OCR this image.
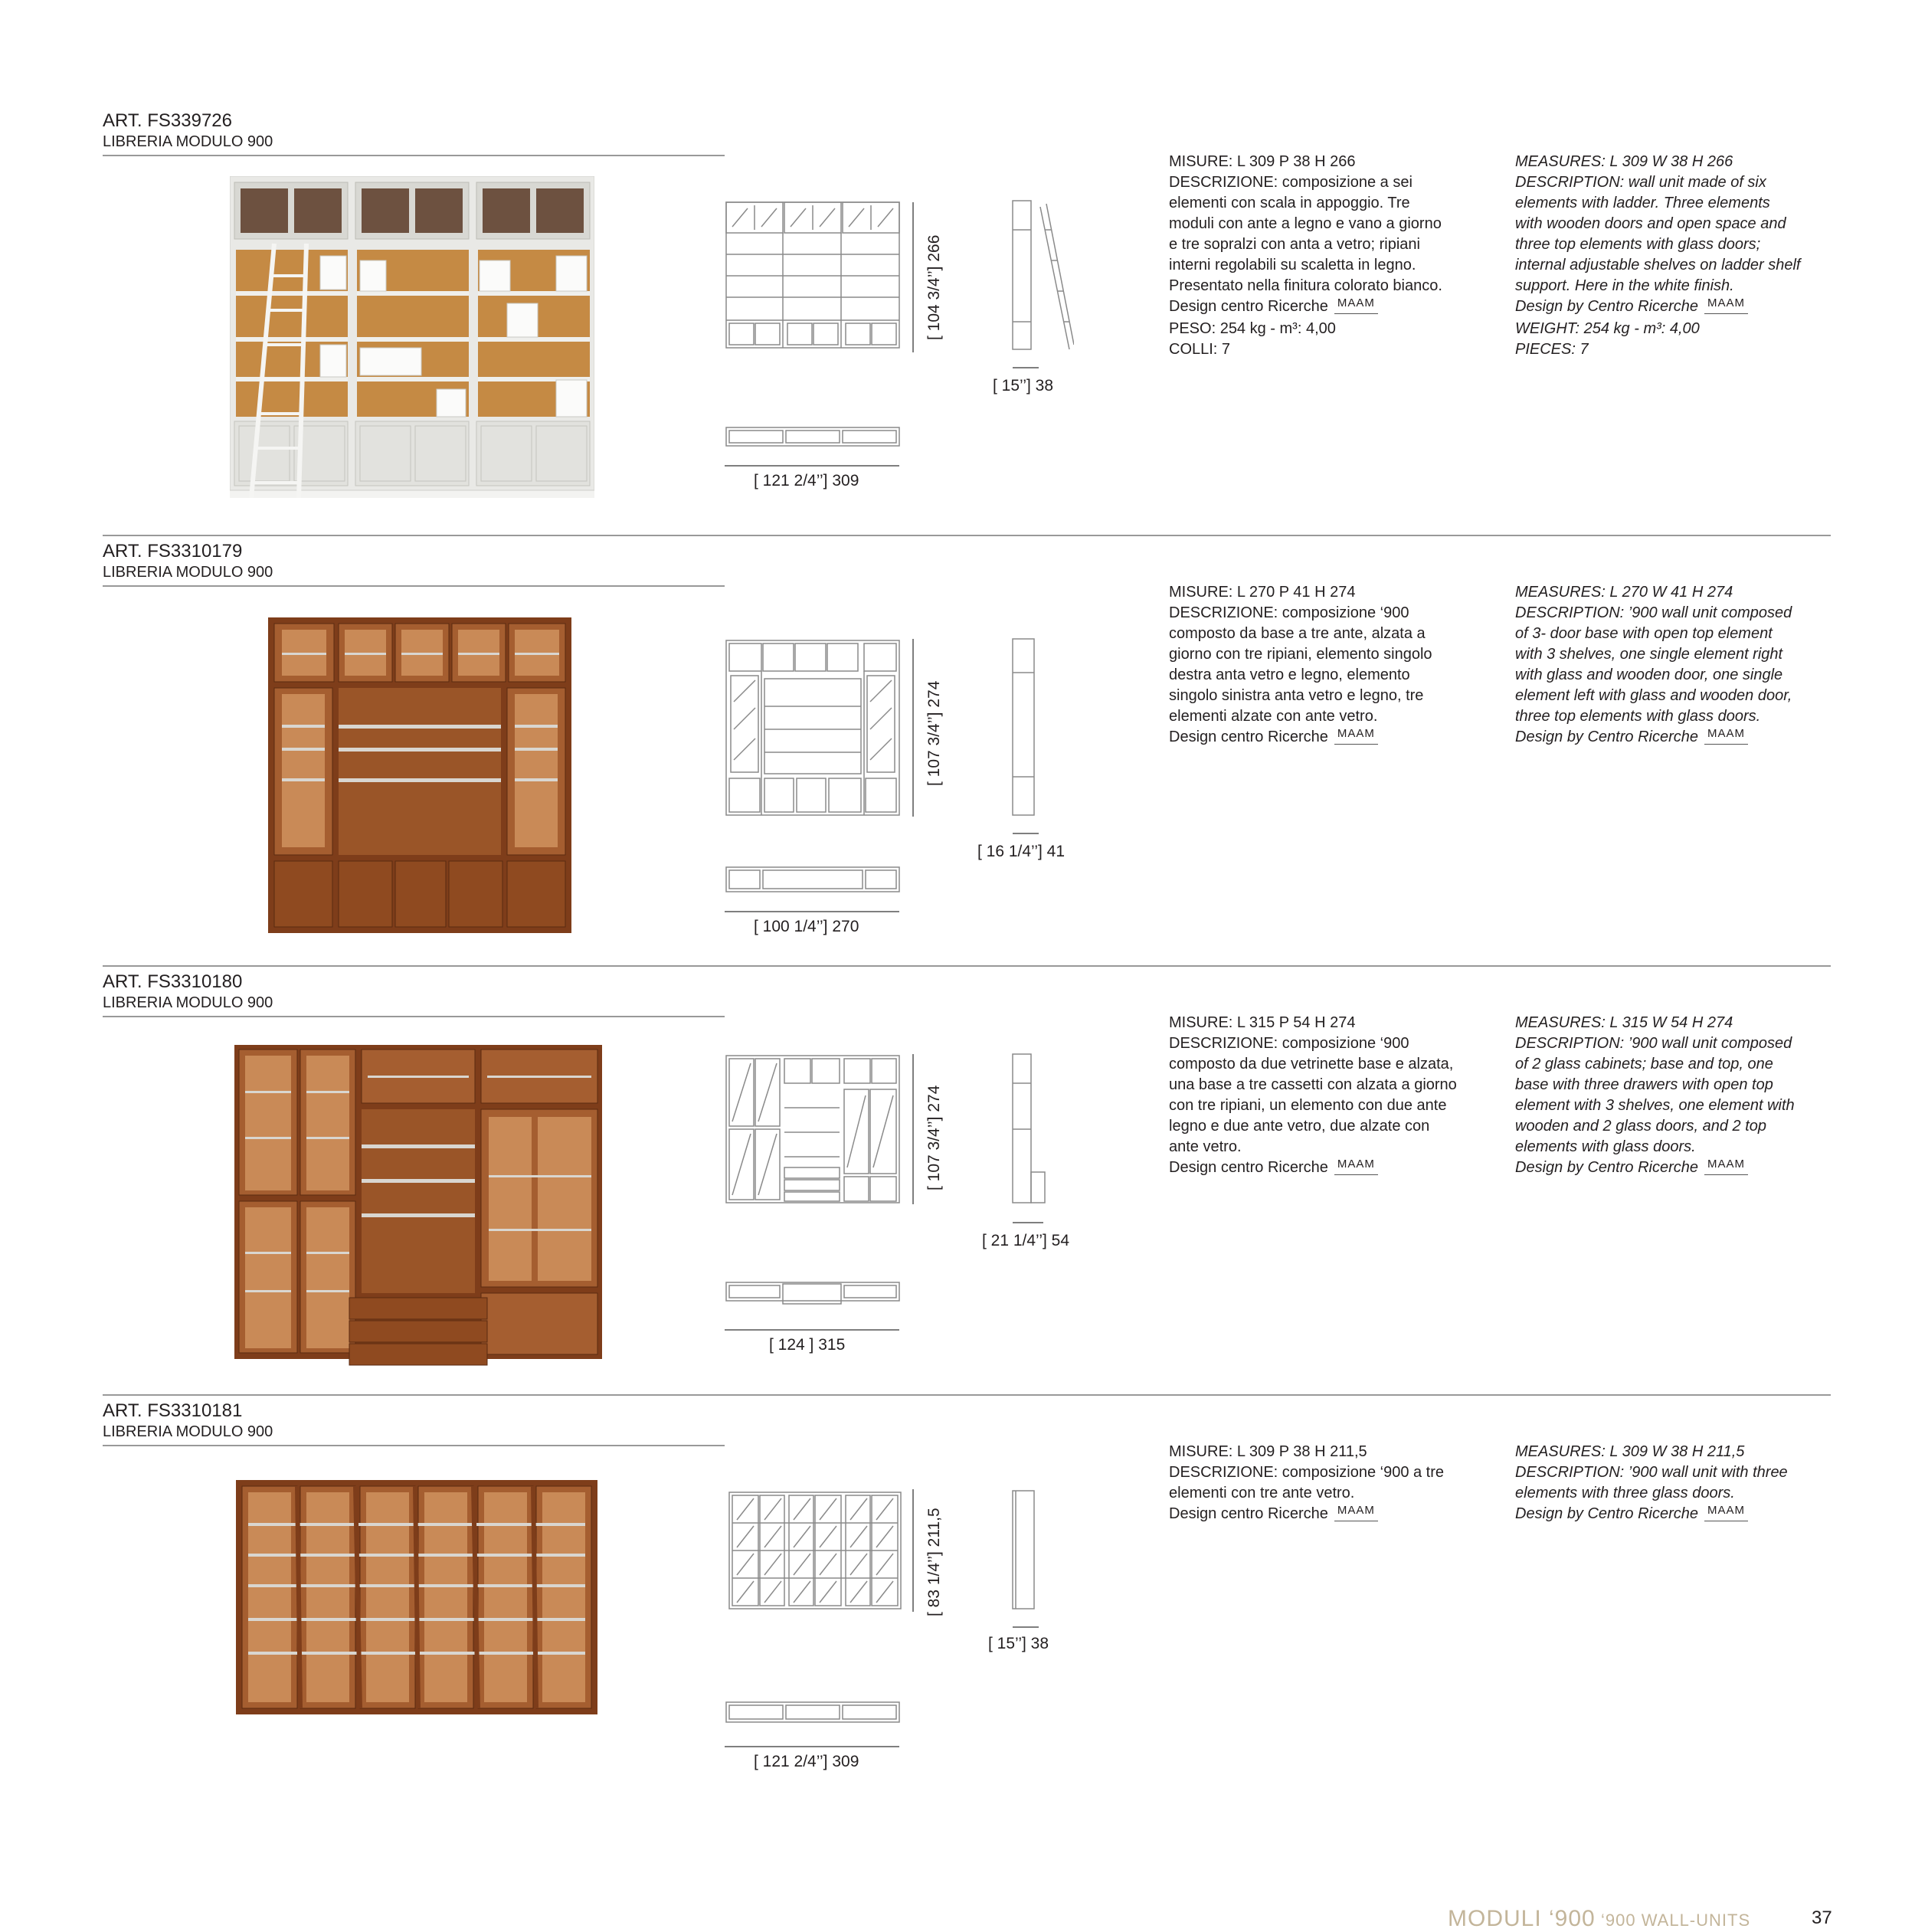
ART. FS339726
LIBRERIA MODULO 900
[ 104 3/4’’] 266
[ 15’’] 38
[ 121 2/4’’] 309
MISURE: L 309 P 38 H 266
DESCRIZIONE: composizione a sei
elementi con scala in appoggio. Tre
moduli con ante a legno e vano a giorno
e tre sopralzi con anta a vetro; ripiani
interni regolabili su scaletta in legno.
Presentato nella finitura colorato bianco.
Design centro Ricerche MAAM
PESO: 254 kg - m³: 4,00
COLLI: 7
MEASURES: L 309 W 38 H 266
DESCRIPTION: wall unit made of six
elements with ladder. Three elements
with wooden doors and open space and
three top elements with glass doors;
internal adjustable shelves on ladder shelf
support. Here in the white finish.
Design by Centro Ricerche MAAM
WEIGHT: 254 kg - m³: 4,00
PIECES: 7
ART. FS3310179
LIBRERIA MODULO 900
[ 107 3/4’’] 274
[ 16 1/4’’] 41
[ 100 1/4’’] 270
MISURE: L 270 P 41 H 274
DESCRIZIONE: composizione ‘900
composto da base a tre ante, alzata a
giorno con tre ripiani, elemento singolo
destra anta vetro e legno, elemento
singolo sinistra anta vetro e legno, tre
elementi alzate con ante vetro.
Design centro Ricerche MAAM
MEASURES: L 270 W 41 H 274
DESCRIPTION: ’900 wall unit composed
of 3- door base with open top element
with 3 shelves, one single element right
with glass and wooden door, one single
element left with glass and wooden door,
three top elements with glass doors.
Design by Centro Ricerche MAAM
ART. FS3310180
LIBRERIA MODULO 900
[ 107 3/4’’] 274
[ 21 1/4’’] 54
[ 124 ] 315
MISURE: L 315 P 54 H 274
DESCRIZIONE: composizione ‘900
composto da due vetrinette base e alzata,
una base a tre cassetti con alzata a giorno
con tre ripiani, un elemento con due ante
legno e due ante vetro, due alzate con
ante vetro.
Design centro Ricerche MAAM
MEASURES: L 315 W 54 H 274
DESCRIPTION: ’900 wall unit composed
of 2 glass cabinets; base and top, one
base with three drawers with open top
element with 3 shelves, one element with
wooden and 2 glass doors, and 2 top
elements with glass doors.
Design by Centro Ricerche MAAM
ART. FS3310181
LIBRERIA MODULO 900
[ 83 1/4’’] 211,5
[ 15’’] 38
[ 121 2/4’’] 309
MISURE: L 309 P 38 H 211,5
DESCRIZIONE: composizione ‘900 a tre
elementi con tre ante vetro.
Design centro Ricerche MAAM
MEASURES: L 309 W 38 H 211,5
DESCRIPTION: ’900 wall unit with three
elements with three glass doors.
Design by Centro Ricerche MAAM
MODULI ‘900 ‘900 WALL-UNITS	37
